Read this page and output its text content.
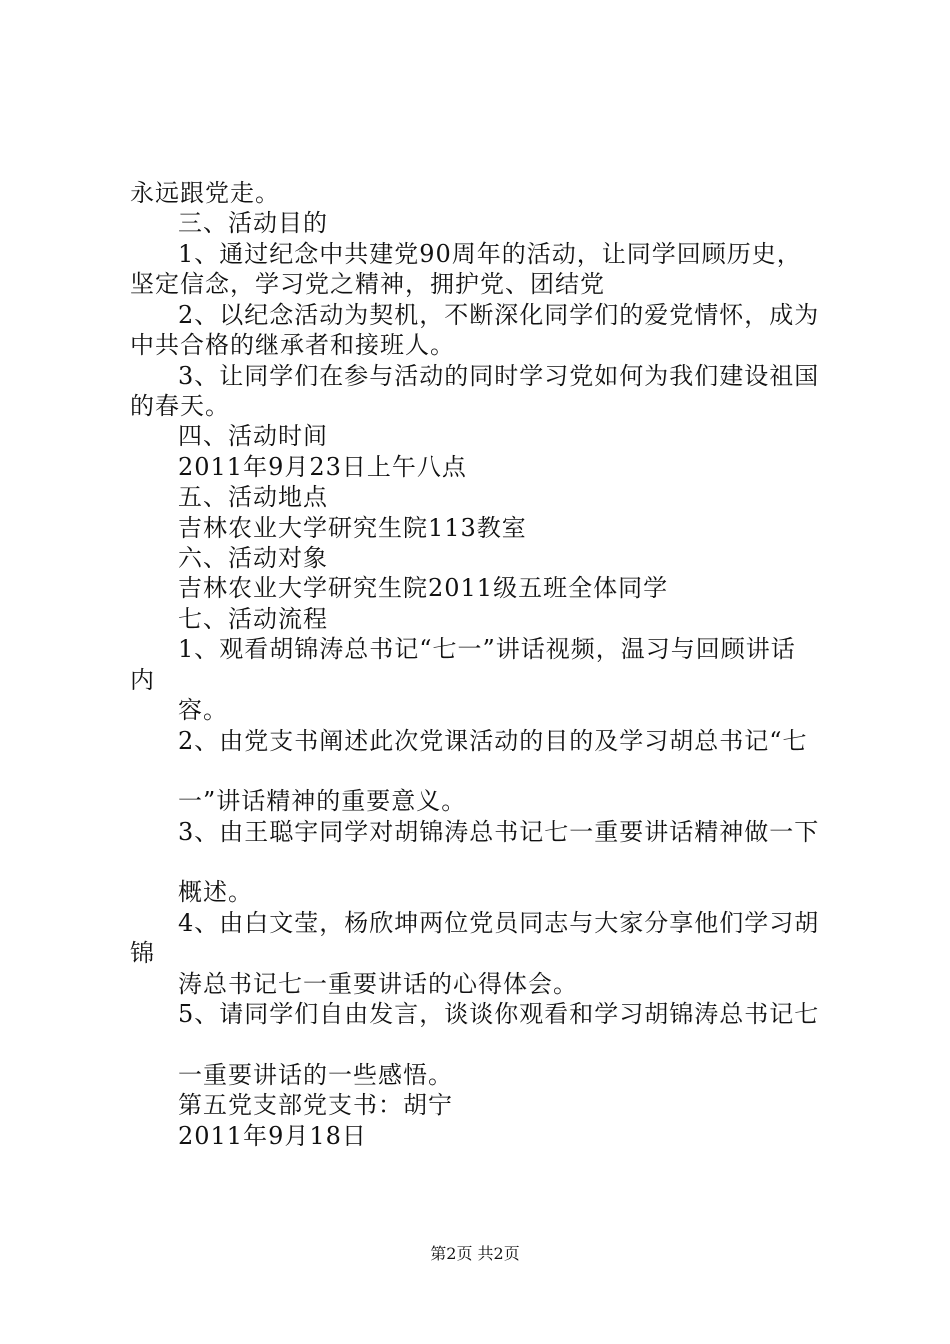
永远跟党走。
三、活动目的
1、通过纪念中共建党90周年的活动，让同学回顾历史，
坚定信念，学习党之精神，拥护党、团结党
2、以纪念活动为契机，不断深化同学们的爱党情怀，成为
中共合格的继承者和接班人。
3、让同学们在参与活动的同时学习党如何为我们建设祖国
的春天。
四、活动时间
2011年9月23日上午八点
五、活动地点
吉林农业大学研究生院113教室
六、活动对象
吉林农业大学研究生院2011级五班全体同学
七、活动流程
1、观看胡锦涛总书记“七一”讲话视频，温习与回顾讲话
内
容。
2、由党支书阐述此次党课活动的目的及学习胡总书记“七
一”讲话精神的重要意义。
3、由王聪宇同学对胡锦涛总书记七一重要讲话精神做一下
概述。
4、由白文莹，杨欣坤两位党员同志与大家分享他们学习胡
锦
涛总书记七一重要讲话的心得体会。
5、请同学们自由发言，谈谈你观看和学习胡锦涛总书记七
一重要讲话的一些感悟。
第五党支部党支书：胡宁
2011年9月18日
第2页 共2页
